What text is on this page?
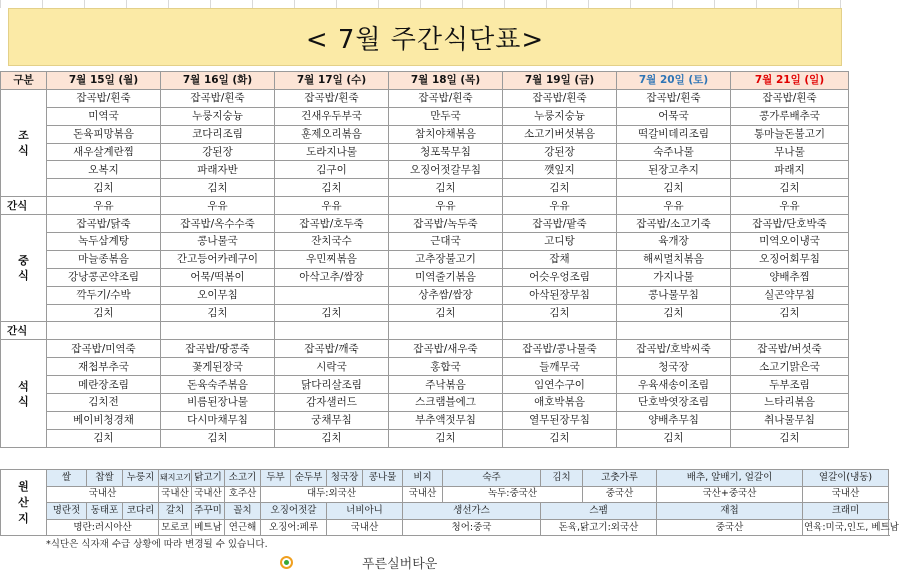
< 7월 주간식단표>
구분	7월 15일 (월)	7월 16일 (화)	7월 17일 (수)	7월 18일 (목)	7월 19일 (금)	7월 20일 (토)	7월 21일 (일)
조
식	잡곡밥/흰죽	잡곡밥/흰죽	잡곡밥/흰죽	잡곡밥/흰죽	잡곡밥/흰죽	잡곡밥/흰죽	잡곡밥/흰죽
	미역국	누룽지숭늉	건새우두부국	만두국	누룽지숭늉	어묵국	콩가루배추국
	돈육피망볶음	코다리조림	훈제오리볶음	참치야채볶음	소고기버섯볶음	떡갈비데리조림	통마늘돈불고기
	새우살계란찜	강된장	도라지나물	청포묵무침	강된장	숙주나물	무나물
	오복지	파래자반	김구이	오징어젓갈무침	깻잎지	된장고추지	파래지
	김치	김치	김치	김치	김치	김치	김치
간식	우유	우유	우유	우유	우유	우유	우유
중
식	잡곡밥/닭죽	잡곡밥/옥수수죽	잡곡밥/호두죽	잡곡밥/녹두죽	잡곡밥/팥죽	잡곡밥/소고기죽	잡곡밥/단호박죽
	녹두삼계탕	콩나물국	잔치국수	근대국	고디탕	육개장	미역오이냉국
	마늘종볶음	간고등어카레구이	우민찌볶음	고추장불고기	잡채	해씨멸치볶음	오징어회무침
	강낭콩곤약조림	어묵/떡볶이	아삭고추/쌈장	미역줄기볶음	어슷우엉조림	가지나물	양배추찜
	깍두기/수박	오이무침		상추쌈/쌈장	아삭된장무침	콩나물무침	실곤약무침
	김치	김치	김치	김치	김치	김치	김치
간식							
석
식	잡곡밥/미역죽	잡곡밥/땅콩죽	잡곡밥/깨죽	잡곡밥/새우죽	잡곡밥/콩나물죽	잡곡밥/호박씨죽	잡곡밥/버섯죽
	재첩부추국	꽃게된장국	시락국	홍합국	들깨무국	청국장	소고기맑은국
	메란장조림	돈육숙주볶음	닭다리살조림	주낙볶음	임연수구이	우육새송이조림	두부조림
	김치전	비름된장나물	감자샐러드	스크램블에그	애호박볶음	단호박엿장조림	느타리볶음
	베이비청경채	다시마채무침	궁채무침	부추액젓무침	열무된장무침	양배추무침	취나물무침
	김치	김치	김치	김치	김치	김치	김치
원
산
지	쌀	찹쌀	누룽지	돼지고기	닭고기	소고기	두부	순두부	청국장	콩나물	비지	숙주	김치	고춧가루	배추, 알배기, 얼갈이	열갈이(냉동)	
	국내산			국내산	국내산	호주산	대두:외국산				국내산	녹두:중국산		중국산	국산+중국산	국내산	
	명란젓	동태포	코다리	갈치	주꾸미	꼴치	오징어젓갈		너비아니		생선가스		스팸		재첩	크래미	
	명란:러시아산			모로코	베트남	연근해	오징어:페루		국내산		청어:중국		돈육,닭고기:외국산		중국산	연육:미국,인도, 베트남	
*식단은 식자재 수급 상황에 따라 변경될 수 있습니다.
푸른실버타운
